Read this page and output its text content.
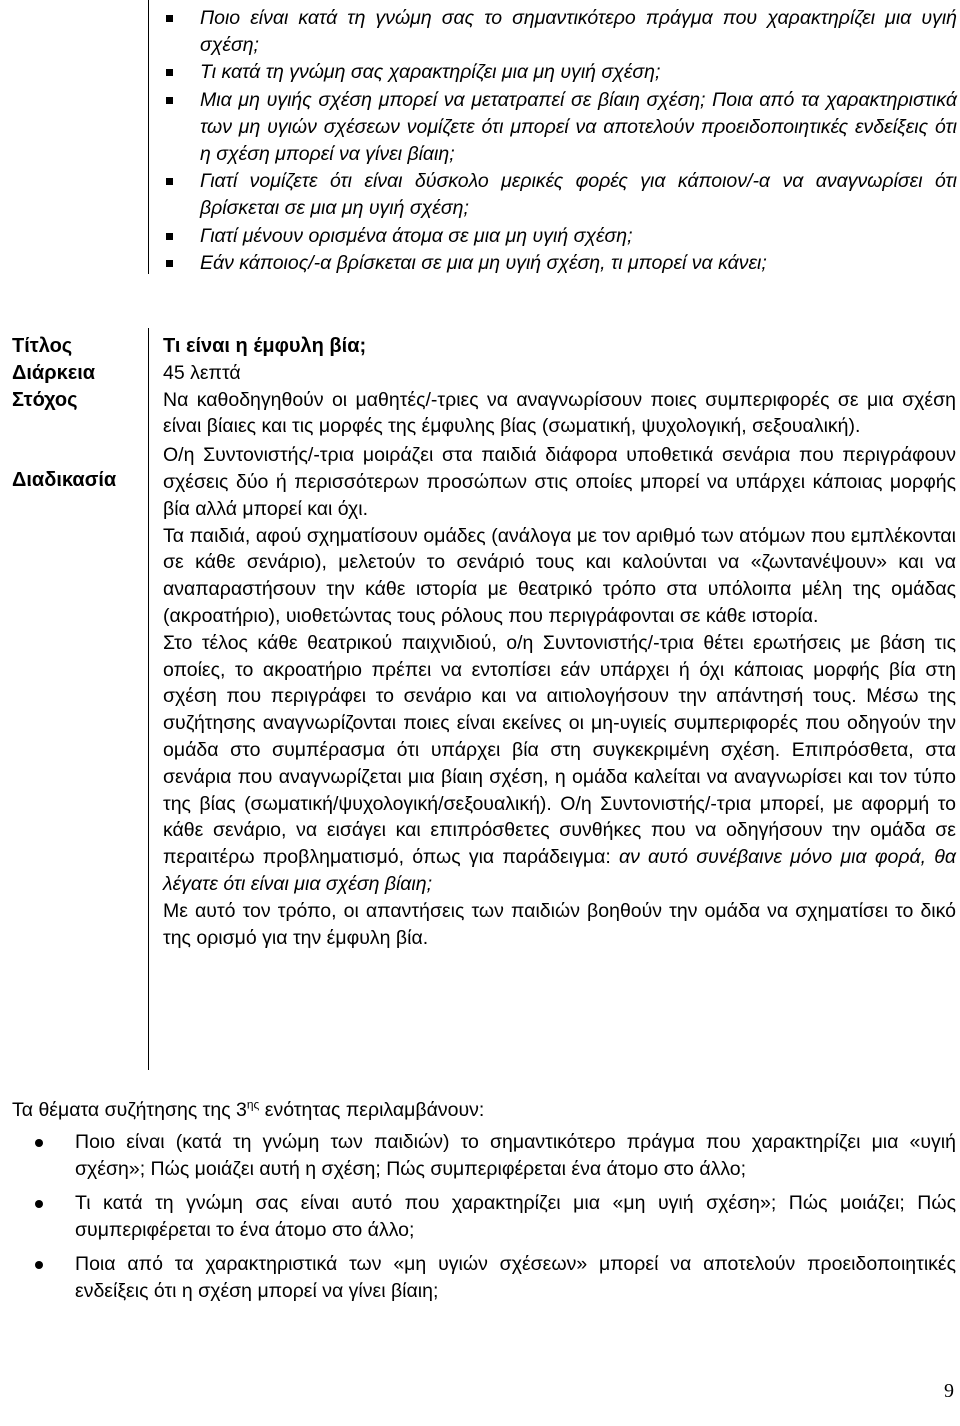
Ποιο είναι κατά τη γνώμη σας το σημαντικότερο πράγμα που χαρακτηρίζει μια υγιή σχέση;
Τι κατά τη γνώμη σας χαρακτηρίζει μια μη υγιή σχέση;
Μια μη υγιής σχέση μπορεί να μετατραπεί σε βίαιη σχέση; Ποια από τα χαρακτηριστικά των μη υγιών σχέσεων νομίζετε ότι μπορεί να αποτελούν προειδοποιητικές ενδείξεις ότι η σχέση μπορεί να γίνει βίαιη;
Γιατί νομίζετε ότι είναι δύσκολο μερικές φορές για κάποιον/-α να αναγνωρίσει ότι βρίσκεται σε μια μη υγιή σχέση;
Γιατί μένουν ορισμένα άτομα σε μια μη υγιή σχέση;
Εάν κάποιος/-α βρίσκεται σε μια μη υγιή σχέση, τι μπορεί να κάνει;
Τίτλος
Διάρκεια
Στόχος
Διαδικασία

Τι είναι η έμφυλη βία;

45 λεπτά

Να καθοδηγηθούν οι μαθητές/-τριες να αναγνωρίσουν ποιες συμπεριφορές σε μια σχέση είναι βίαιες και τις μορφές της έμφυλης βίας (σωματική, ψυχολογική, σεξουαλική).

Ο/η Συντονιστής/-τρια μοιράζει στα παιδιά διάφορα υποθετικά σενάρια που περιγράφουν σχέσεις δύο ή περισσότερων προσώπων στις οποίες μπορεί να υπάρχει κάποιας μορφής βία αλλά μπορεί και όχι.

Τα παιδιά, αφού σχηματίσουν ομάδες (ανάλογα με τον αριθμό των ατόμων που εμπλέκονται σε κάθε σενάριο), μελετούν το σενάριό τους και καλούνται να «ζωντανέψουν» και να αναπαραστήσουν την κάθε ιστορία με θεατρικό τρόπο στα υπόλοιπα μέλη της ομάδας (ακροατήριο), υιοθετώντας τους ρόλους που περιγράφονται σε κάθε ιστορία.

Στο τέλος κάθε θεατρικού παιχνιδιού, ο/η Συντονιστής/-τρια θέτει ερωτήσεις με βάση τις οποίες, το ακροατήριο πρέπει να εντοπίσει εάν υπάρχει ή όχι κάποιας μορφής βία στη σχέση που περιγράφει το σενάριο και να αιτιολογήσουν την απάντησή τους. Μέσω της συζήτησης αναγνωρίζονται ποιες είναι εκείνες οι μη-υγιείς συμπεριφορές που οδηγούν την ομάδα στο συμπέρασμα ότι υπάρχει βία στη συγκεκριμένη σχέση. Επιπρόσθετα, στα σενάρια που αναγνωρίζεται μια βίαιη σχέση, η ομάδα καλείται να αναγνωρίσει και τον τύπο της βίας (σωματική/ψυχολογική/σεξουαλική). Ο/η Συντονιστής/-τρια μπορεί, με αφορμή το κάθε σενάριο, να εισάγει και επιπρόσθετες συνθήκες που να οδηγήσουν την ομάδα σε περαιτέρω προβληματισμό, όπως για παράδειγμα: αν αυτό συνέβαινε μόνο μια φορά, θα λέγατε ότι είναι μια σχέση βίαιη;

Με αυτό τον τρόπο, οι απαντήσεις των παιδιών βοηθούν την ομάδα να σχηματίσει το δικό της ορισμό για την έμφυλη βία.

Τα θέματα συζήτησης της $3^{\eta\varsigma}$ ενότητας περιλαμβάνουν:

Ποιο είναι (κατά τη γνώμη των παιδιών) το σημαντικότερο πράγμα που χαρακτηρίζει μια «υγιή σχέση»; Πώς μοιάζει αυτή η σχέση; Πώς συμπεριφέρεται ένα άτομο στο άλλο;
Τι κατά τη γνώμη σας είναι αυτό που χαρακτηρίζει μια «μη υγιή σχέση»; Πώς μοιάζει; Πώς συμπεριφέρεται το ένα άτομο στο άλλο;
Ποια από τα χαρακτηριστικά των «μη υγιών σχέσεων» μπορεί να αποτελούν προειδοποιητικές ενδείξεις ότι η σχέση μπορεί να γίνει βίαιη;
9
